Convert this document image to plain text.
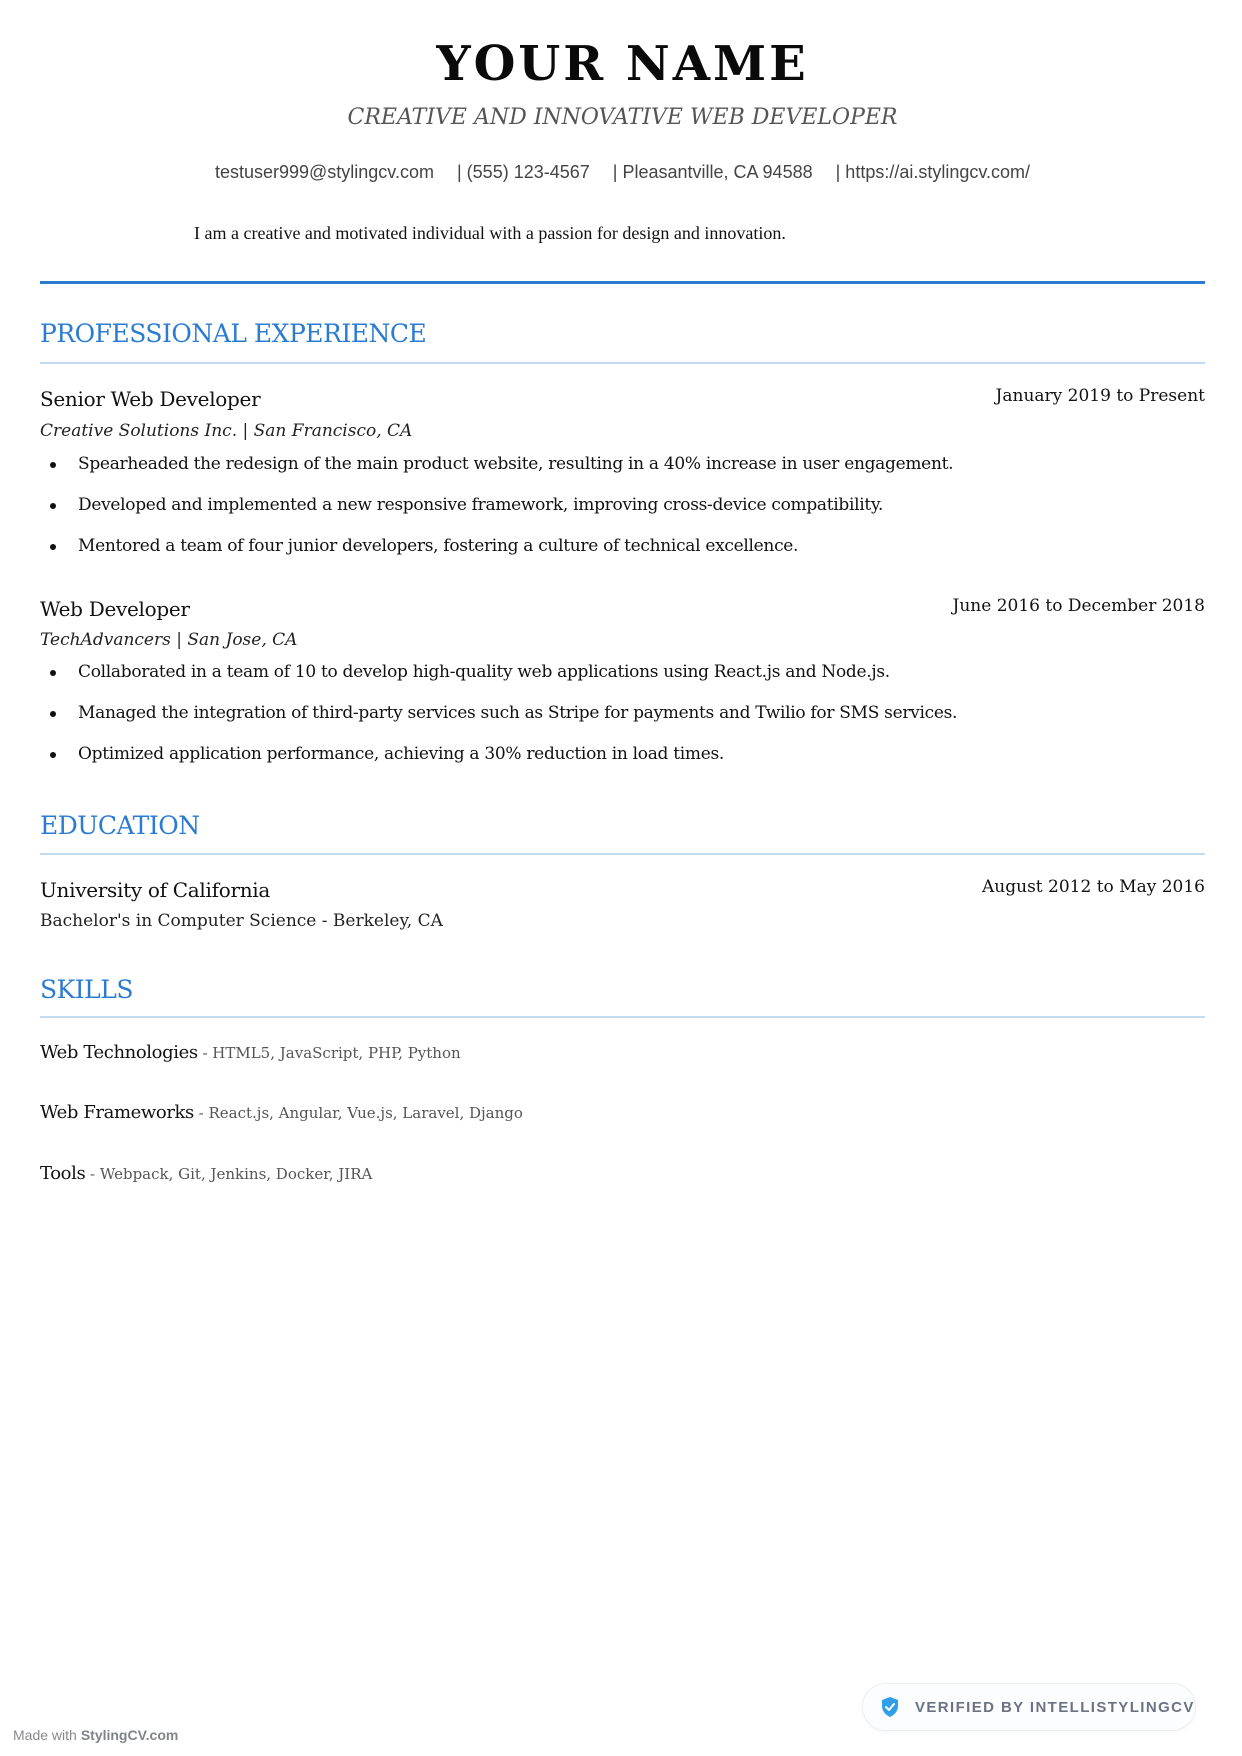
YOUR NAME
CREATIVE AND INNOVATIVE WEB DEVELOPER
testuser999@stylingcv.com | (555) 123-4567 | Pleasantville, CA 94588 | https://ai.stylingcv.com/
I am a creative and motivated individual with a passion for design and innovation.
PROFESSIONAL EXPERIENCE
Senior Web Developer	January 2019 to Present
Creative Solutions Inc. | San Francisco, CA
Spearheaded the redesign of the main product website, resulting in a 40% increase in user engagement.
Developed and implemented a new responsive framework, improving cross-device compatibility.
Mentored a team of four junior developers, fostering a culture of technical excellence.
Web Developer	June 2016 to December 2018
TechAdvancers | San Jose, CA
Collaborated in a team of 10 to develop high-quality web applications using React.js and Node.js.
Managed the integration of third-party services such as Stripe for payments and Twilio for SMS services.
Optimized application performance, achieving a 30% reduction in load times.
EDUCATION
University of California	August 2012 to May 2016
Bachelor's in Computer Science - Berkeley, CA
SKILLS
Web Technologies - HTML5, JavaScript, PHP, Python
Web Frameworks - React.js, Angular, Vue.js, Laravel, Django
Tools - Webpack, Git, Jenkins, Docker, JIRA
VERIFIED BY INTELLISTYLINGCV
Made with StylingCV.com
